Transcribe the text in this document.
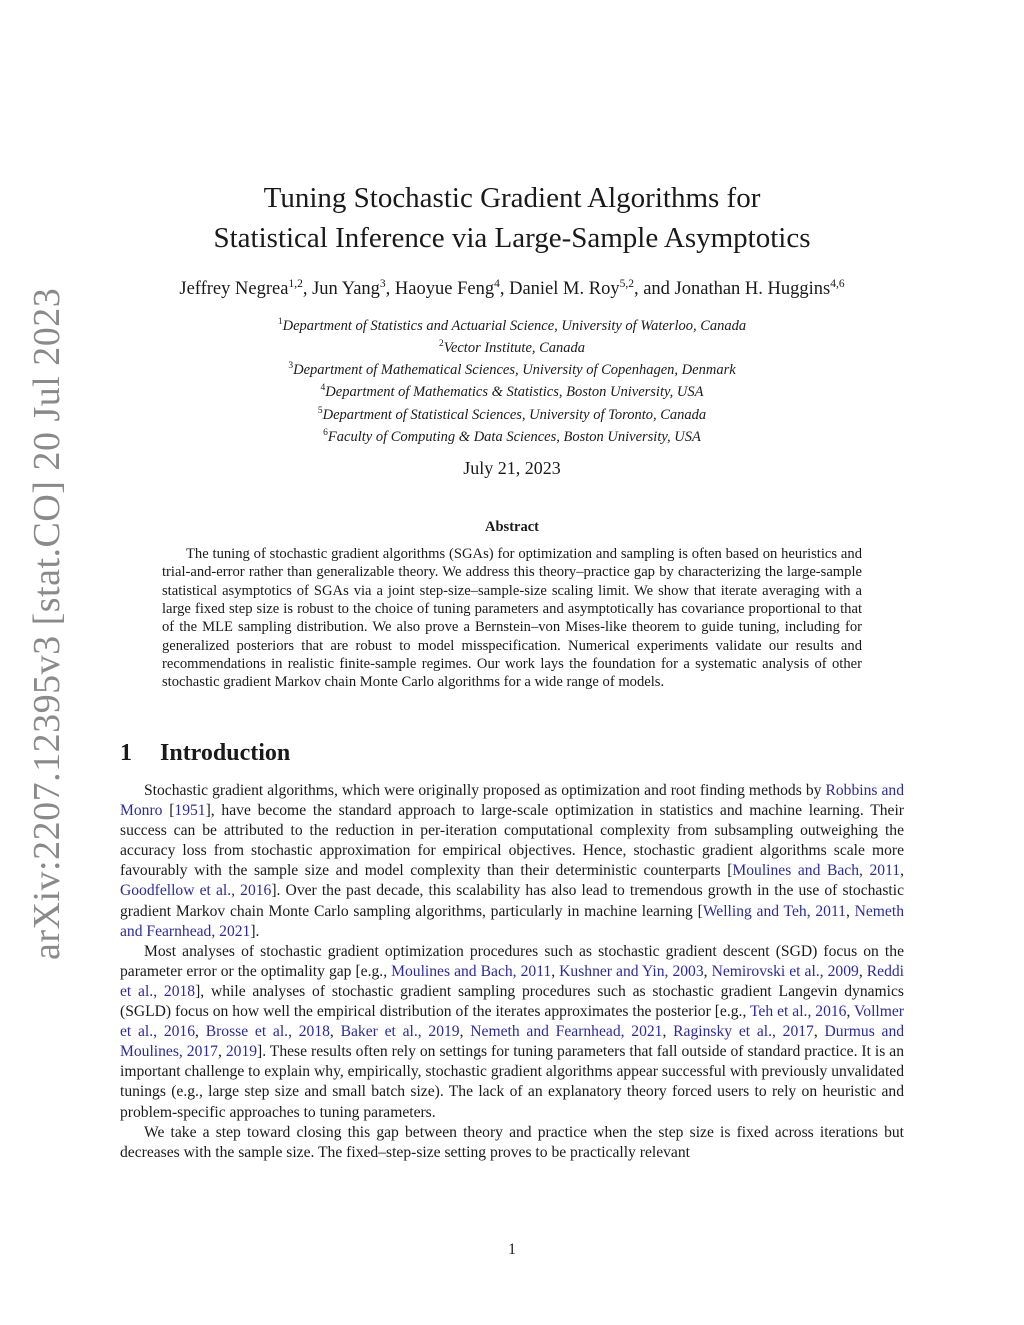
arXiv:2207.12395v3 [stat.CO] 20 Jul 2023
Tuning Stochastic Gradient Algorithms for
Statistical Inference via Large-Sample Asymptotics
Jeffrey Negrea$^{1,2}$, Jun Yang$^3$, Haoyue Feng$^4$, Daniel M. Roy$^{5,2}$, and Jonathan H. Huggins$^{4,6}$
$^1$Department of Statistics and Actuarial Science, University of Waterloo, Canada
$^2$Vector Institute, Canada
$^3$Department of Mathematical Sciences, University of Copenhagen, Denmark
$^4$Department of Mathematics & Statistics, Boston University, USA
$^5$Department of Statistical Sciences, University of Toronto, Canada
$^6$Faculty of Computing & Data Sciences, Boston University, USA
July 21, 2023
Abstract

The tuning of stochastic gradient algorithms (SGAs) for optimization and sampling is often based on heuristics and trial-and-error rather than generalizable theory. We address this theory–practice gap by characterizing the large-sample statistical asymptotics of SGAs via a joint step-size–sample-size scaling limit. We show that iterate averaging with a large fixed step size is robust to the choice of tuning parameters and asymptotically has covariance proportional to that of the MLE sampling distribution. We also prove a Bernstein–von Mises-like theorem to guide tuning, including for generalized posteriors that are robust to model misspecification. Numerical experiments validate our results and recommendations in realistic finite-sample regimes. Our work lays the foundation for a systematic analysis of other stochastic gradient Markov chain Monte Carlo algorithms for a wide range of models.

1 Introduction

Stochastic gradient algorithms, which were originally proposed as optimization and root finding methods by Robbins and Monro [1951], have become the standard approach to large-scale optimization in statistics and machine learning. Their success can be attributed to the reduction in per-iteration computational complexity from subsampling outweighing the accuracy loss from stochastic approximation for empirical objectives. Hence, stochastic gradient algorithms scale more favourably with the sample size and model complexity than their deterministic counterparts [Moulines and Bach, 2011, Goodfellow et al., 2016]. Over the past decade, this scalability has also lead to tremendous growth in the use of stochastic gradient Markov chain Monte Carlo sampling algorithms, particularly in machine learning [Welling and Teh, 2011, Nemeth and Fearnhead, 2021].

Most analyses of stochastic gradient optimization procedures such as stochastic gradient descent (SGD) focus on the parameter error or the optimality gap [e.g., Moulines and Bach, 2011, Kushner and Yin, 2003, Nemirovski et al., 2009, Reddi et al., 2018], while analyses of stochastic gradient sampling procedures such as stochastic gradient Langevin dynamics (SGLD) focus on how well the empirical distribution of the iterates approximates the posterior [e.g., Teh et al., 2016, Vollmer et al., 2016, Brosse et al., 2018, Baker et al., 2019, Nemeth and Fearnhead, 2021, Raginsky et al., 2017, Durmus and Moulines, 2017, 2019]. These results often rely on settings for tuning parameters that fall outside of standard practice. It is an important challenge to explain why, empirically, stochastic gradient algorithms appear successful with previously unvalidated tunings (e.g., large step size and small batch size). The lack of an explanatory theory forced users to rely on heuristic and problem-specific approaches to tuning parameters.

We take a step toward closing this gap between theory and practice when the step size is fixed across iterations but decreases with the sample size. The fixed–step-size setting proves to be practically relevant

1
